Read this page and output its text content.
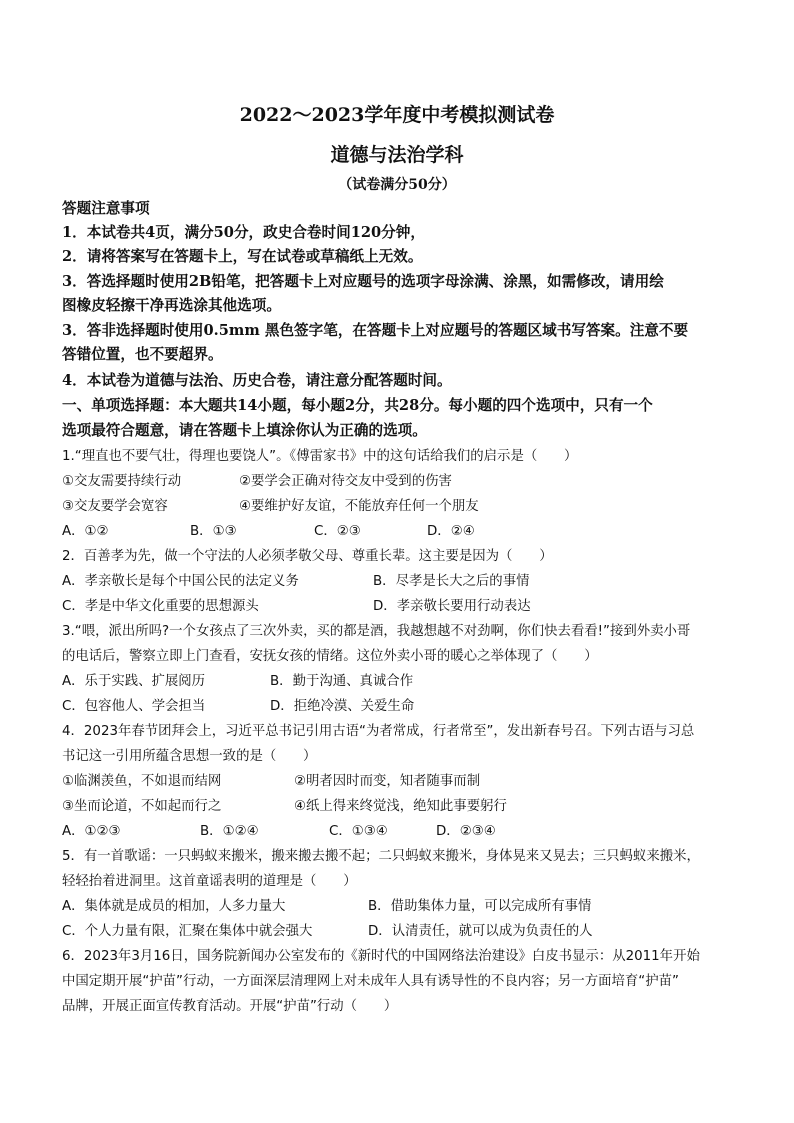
2022～2023学年度中考模拟测试卷
道德与法治学科
（试卷满分50分）
答题注意事项
1．本试卷共4页，满分50分，政史合卷时间120分钟，
2．请将答案写在答题卡上，写在试卷或草稿纸上无效。
3．答选择题时使用2B铅笔，把答题卡上对应题号的选项字母涂满、涂黑，如需修改，请用绘
图橡皮轻擦干净再选涂其他选项。
3．答非选择题时使用0.5mm 黑色签字笔，在答题卡上对应题号的答题区域书写答案。注意不要
答错位置，也不要超界。
4．本试卷为道德与法治、历史合卷，请注意分配答题时间。
一、单项选择题：本大题共14小题，每小题2分，共28分。每小题的四个选项中，只有一个
选项最符合题意，请在答题卡上填涂你认为正确的选项。
1.“理直也不要气壮，得理也要饶人”。《傅雷家书》中的这句话给我们的启示是（　　）
①交友需要持续行动	②要学会正确对待交友中受到的伤害
③交友要学会宽容	④要维护好友谊，不能放弃任何一个朋友
A．①②	B．①③	C．②③	D．②④
2．百善孝为先，做一个守法的人必须孝敬父母、尊重长辈。这主要是因为（　　）
A．孝亲敬长是每个中国公民的法定义务	B．尽孝是长大之后的事情
C．孝是中华文化重要的思想源头	D．孝亲敬长要用行动表达
3.“喂，派出所吗?一个女孩点了三次外卖，买的都是酒，我越想越不对劲啊，你们快去看看!”接到外卖小哥
的电话后，警察立即上门查看，安抚女孩的情绪。这位外卖小哥的暖心之举体现了（　　）
A．乐于实践、扩展阅历	B．勤于沟通、真诚合作
C．包容他人、学会担当	D．拒绝冷漠、关爱生命
4．2023年春节团拜会上，习近平总书记引用古语“为者常成，行者常至”，发出新春号召。下列古语与习总
书记这一引用所蕴含思想一致的是（　　）
①临渊羡鱼，不如退而结网	②明者因时而变，知者随事而制
③坐而论道，不如起而行之	④纸上得来终觉浅，绝知此事要躬行
A．①②③	B．①②④	C．①③④	D．②③④
5．有一首歌谣：一只蚂蚁来搬米，搬来搬去搬不起；二只蚂蚁来搬米，身体晃来又晃去；三只蚂蚁来搬米，
轻轻抬着进洞里。这首童谣表明的道理是（　　）
A．集体就是成员的相加，人多力量大	B．借助集体力量，可以完成所有事情
C．个人力量有限，汇聚在集体中就会强大	D．认清责任，就可以成为负责任的人
6．2023年3月16日，国务院新闻办公室发布的《新时代的中国网络法治建设》白皮书显示：从2011年开始
中国定期开展“护苗”行动，一方面深层清理网上对未成年人具有诱导性的不良内容；另一方面培育“护苗”
品牌，开展正面宣传教育活动。开展“护苗”行动（　　）
